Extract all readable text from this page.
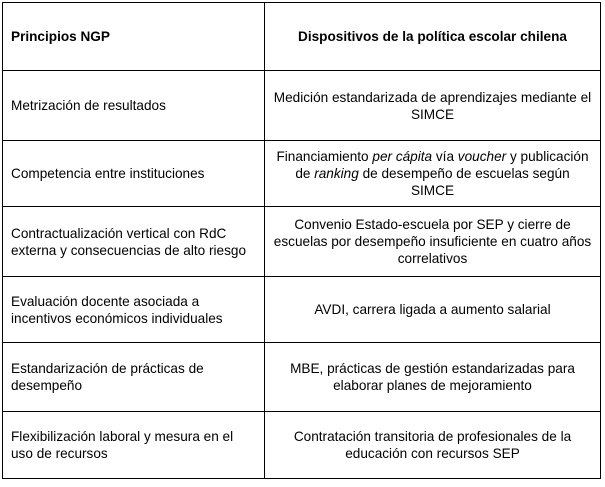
Principios NGP	Dispositivos de la política escolar chilena
Metrización de resultados	Medición estandarizada de aprendizajes mediante el SIMCE
Competencia entre instituciones	Financiamiento per cápita vía voucher y publicación de ranking de desempeño de escuelas según SIMCE
Contractualización vertical con RdC externa y consecuencias de alto riesgo	Convenio Estado-escuela por SEP y cierre de escuelas por desempeño insuficiente en cuatro años correlativos
Evaluación docente asociada a incentivos económicos individuales	AVDI, carrera ligada a aumento salarial
Estandarización de prácticas de desempeño	MBE, prácticas de gestión estandarizadas para elaborar planes de mejoramiento
Flexibilización laboral y mesura en el uso de recursos	Contratación transitoria de profesionales de la educación con recursos SEP
